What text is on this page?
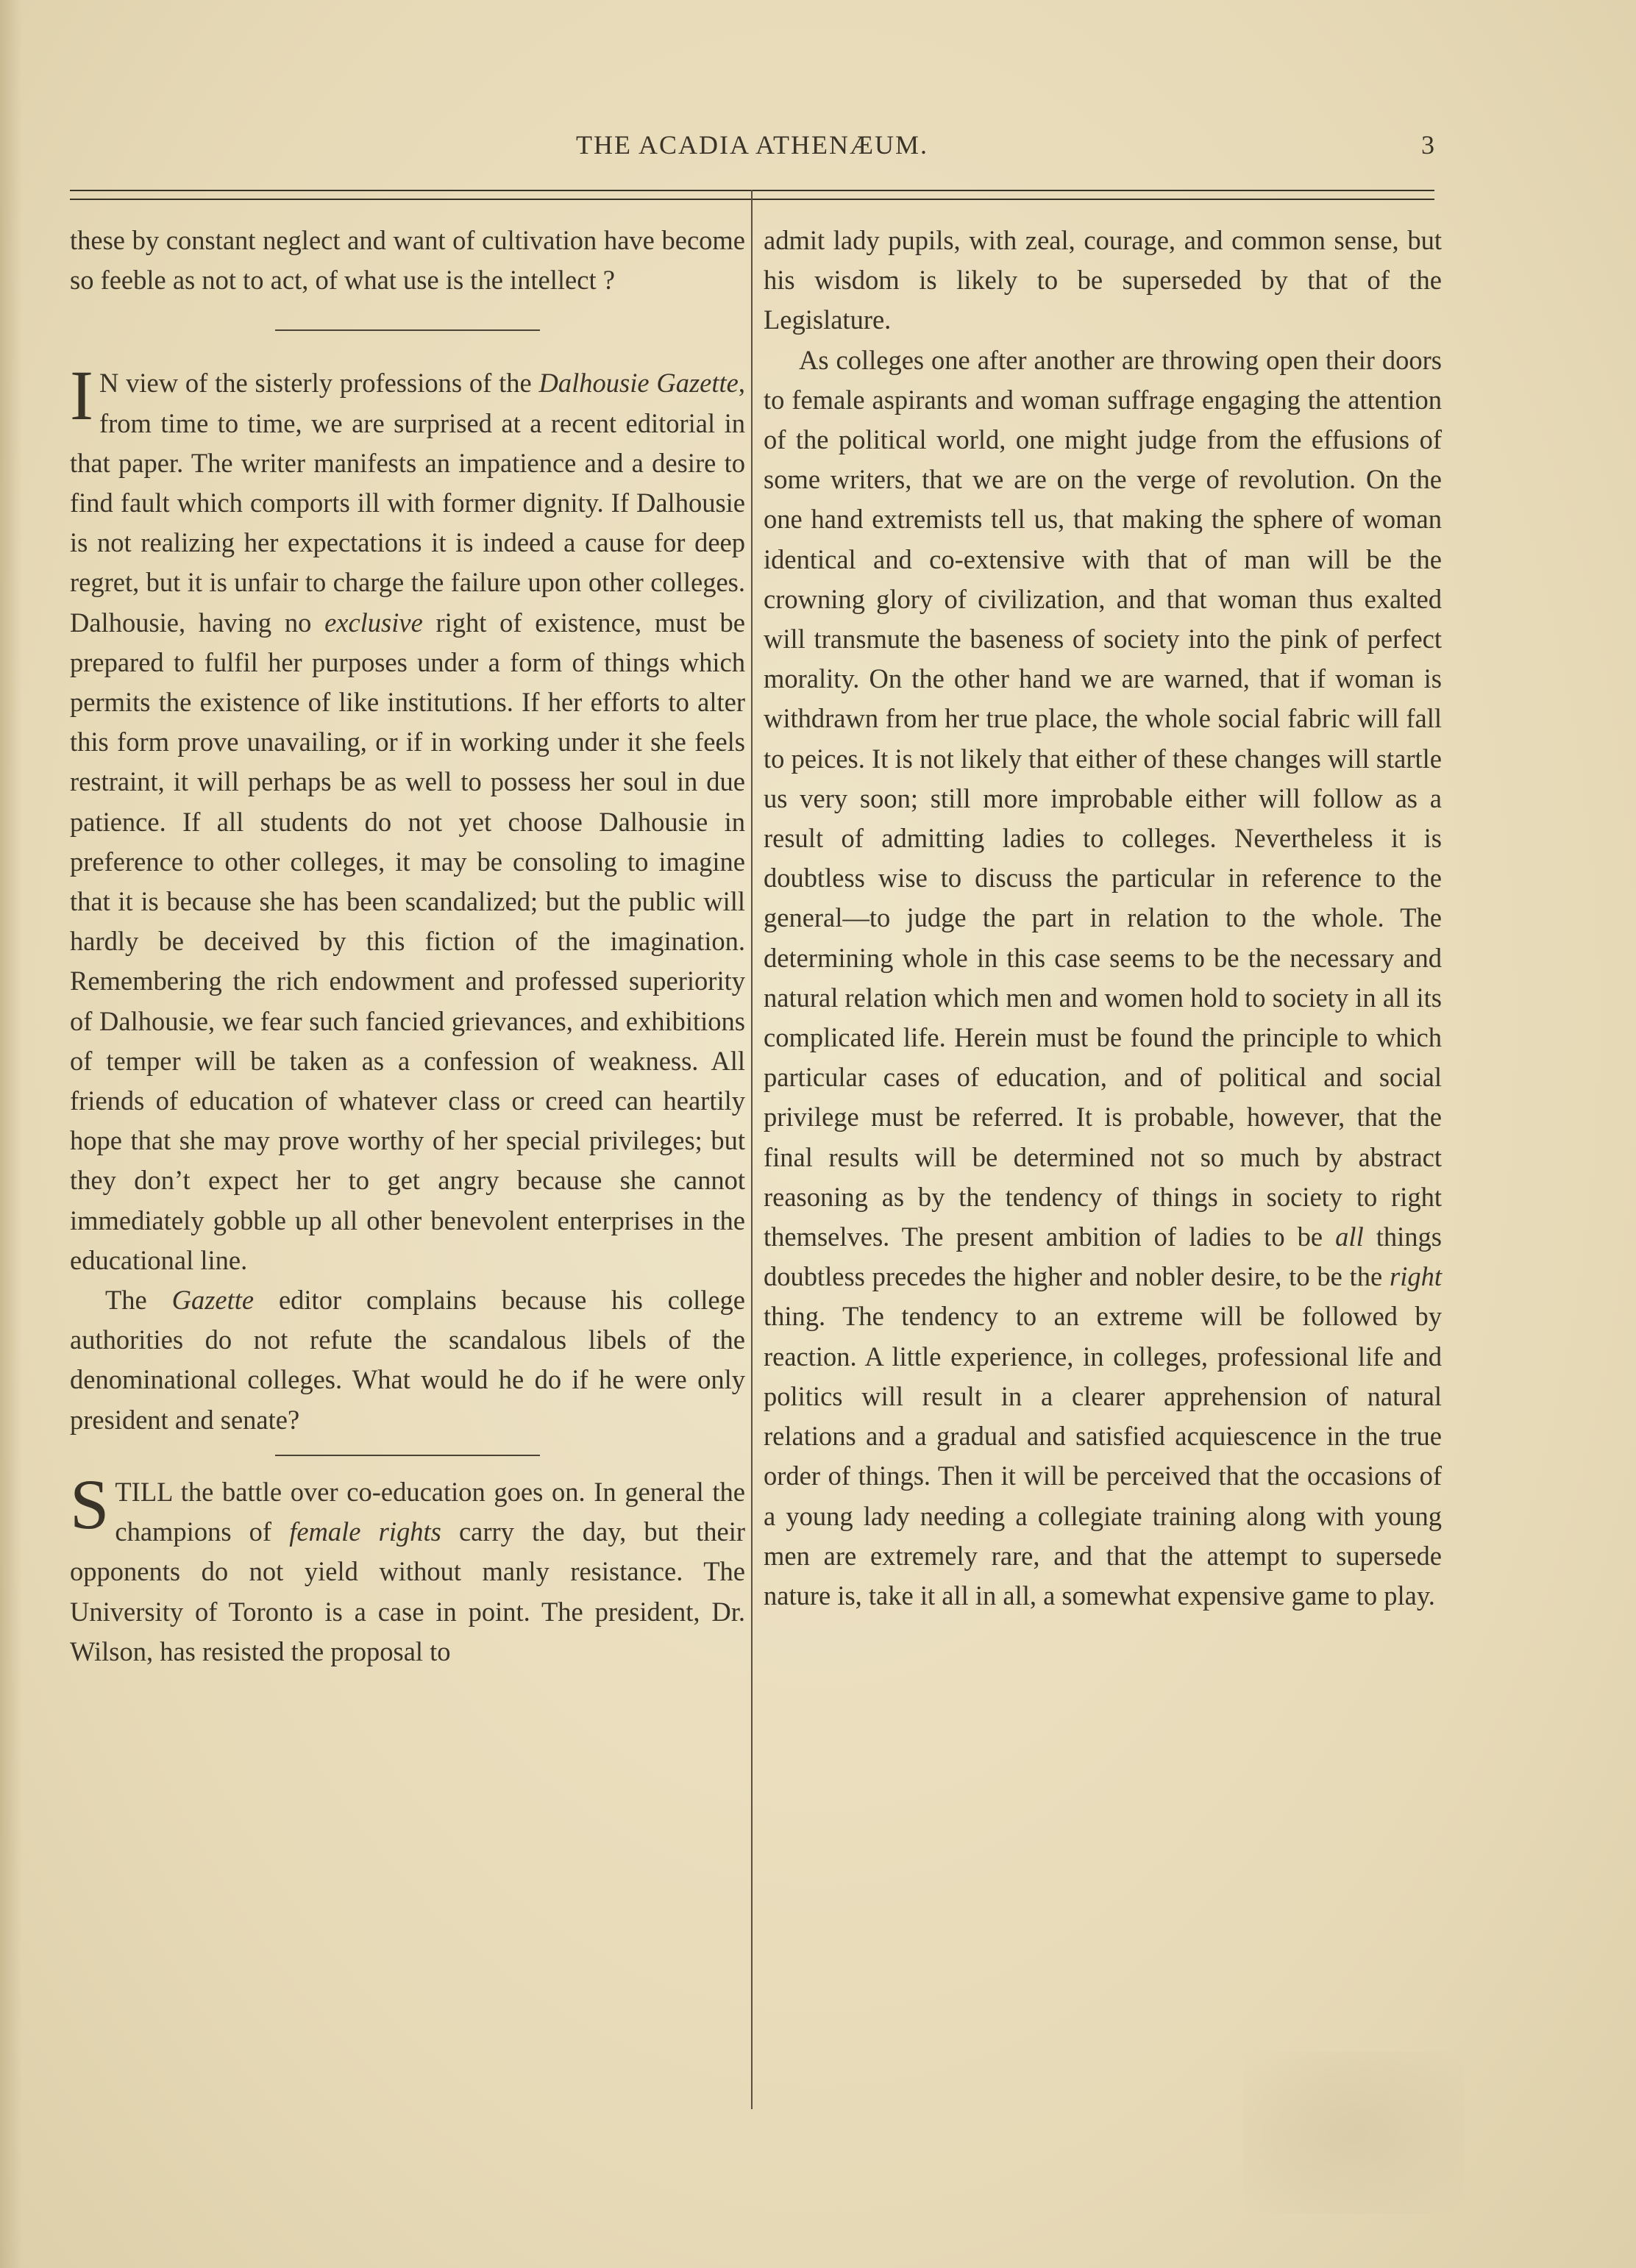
THE ACADIA ATHENÆUM.	3

these by constant neglect and want of cultivation have become so feeble as not to act, of what use is the intellect ?

I N view of the sisterly professions of the Dalhousie Gazette, from time to time, we are surprised at a recent editorial in that paper. The writer manifests an impatience and a desire to find fault which comports ill with former dignity. If Dalhousie is not realizing her expectations it is indeed a cause for deep regret, but it is unfair to charge the failure upon other colleges. Dalhousie, having no exclusive right of existence, must be prepared to fulfil her purposes under a form of things which permits the existence of like institutions. If her efforts to alter this form prove unavailing, or if in working under it she feels restraint, it will perhaps be as well to possess her soul in due patience. If all students do not yet choose Dalhousie in preference to other colleges, it may be consoling to imagine that it is because she has been scandalized; but the public will hardly be deceived by this fiction of the imagination. Remembering the rich endowment and professed superiority of Dalhousie, we fear such fancied grievances, and exhibitions of temper will be taken as a confession of weakness. All friends of education of whatever class or creed can heartily hope that she may prove worthy of her special privileges; but they don’t expect her to get angry because she cannot immediately gobble up all other benevolent enterprises in the educational line.

The Gazette editor complains because his college authorities do not refute the scandalous libels of the denominational colleges. What would he do if he were only president and senate?

STILL the battle over co-education goes on. In general the champions of female rights carry the day, but their opponents do not yield without manly resistance. The University of Toronto is a case in point. The president, Dr. Wilson, has resisted the proposal to

admit lady pupils, with zeal, courage, and common sense, but his wisdom is likely to be superseded by that of the Legislature.

As colleges one after another are throwing open their doors to female aspirants and woman suffrage engaging the attention of the political world, one might judge from the effusions of some writers, that we are on the verge of revolution. On the one hand extremists tell us, that making the sphere of woman identical and co-extensive with that of man will be the crowning glory of civilization, and that woman thus exalted will transmute the baseness of society into the pink of perfect morality. On the other hand we are warned, that if woman is withdrawn from her true place, the whole social fabric will fall to peices. It is not likely that either of these changes will startle us very soon; still more improbable either will follow as a result of admitting ladies to colleges. Nevertheless it is doubtless wise to discuss the particular in reference to the general—to judge the part in relation to the whole. The determining whole in this case seems to be the necessary and natural relation which men and women hold to society in all its complicated life. Herein must be found the principle to which particular cases of education, and of political and social privilege must be referred. It is probable, however, that the final results will be determined not so much by abstract reasoning as by the tendency of things in society to right themselves. The present ambition of ladies to be all things doubtless precedes the higher and nobler desire, to be the right thing. The tendency to an extreme will be followed by reaction. A little experience, in colleges, professional life and politics will result in a clearer apprehension of natural relations and a gradual and satisfied acquiescence in the true order of things. Then it will be perceived that the occasions of a young lady needing a collegiate training along with young men are extremely rare, and that the attempt to supersede nature is, take it all in all, a somewhat expensive game to play.
